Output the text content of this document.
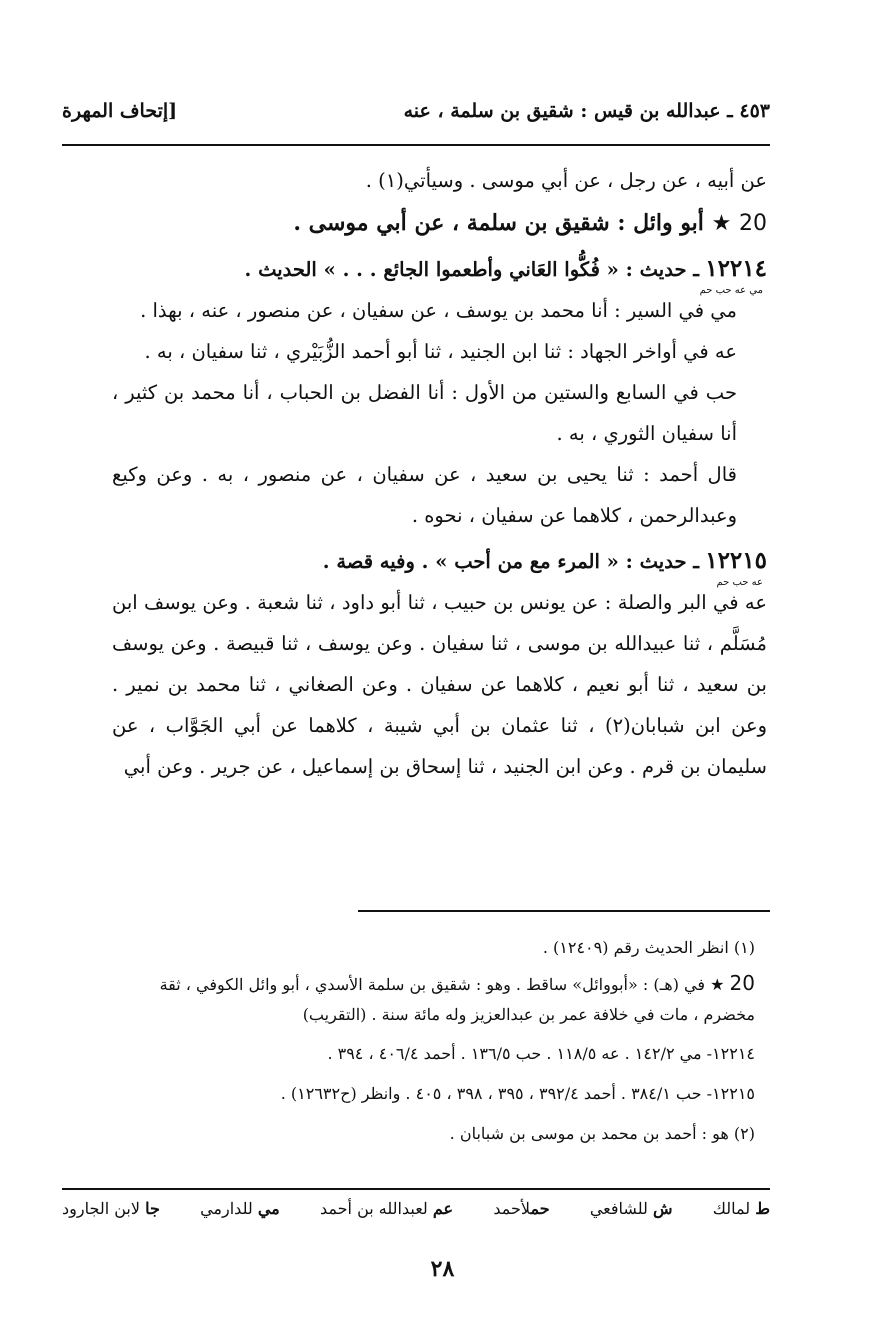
٤٥٣ ـ عبدالله بن قيس : شقيق بن سلمة ، عنه
[إتحاف المهرة

عن أبيه ، عن رجل ، عن أبي موسى . وسيأتي(١) .

20 ★ أبو وائل : شقيق بن سلمة ، عن أبي موسى .

١٢٢١٤ ـ حديث : « فُكُّوا العَاني وأطعموا الجائع . . . » الحديث .

مي عه حب حم

مي في السير : أنا محمد بن يوسف ، عن سفيان ، عن منصور ، عنه ، بهذا .

عه في أواخر الجهاد : ثنا ابن الجنيد ، ثنا أبو أحمد الزُّبَيْري ، ثنا سفيان ، به .

حب في السابع والستين من الأول : أنا الفضل بن الحباب ، أنا محمد بن كثير ، أنا سفيان الثوري ، به .

قال أحمد : ثنا يحيى بن سعيد ، عن سفيان ، عن منصور ، به . وعن وكيع وعبدالرحمن ، كلاهما عن سفيان ، نحوه .

١٢٢١٥ ـ حديث : « المرء مع من أحب » . وفيه قصة .

عه حب حم

عه في البر والصلة : عن يونس بن حبيب ، ثنا أبو داود ، ثنا شعبة . وعن يوسف ابن مُسَلَّم ، ثنا عبيدالله بن موسى ، ثنا سفيان . وعن يوسف ، ثنا قبيصة . وعن يوسف بن سعيد ، ثنا أبو نعيم ، كلاهما عن سفيان . وعن الصغاني ، ثنا محمد بن نمير . وعن ابن شبابان(٢) ، ثنا عثمان بن أبي شيبة ، كلاهما عن أبي الجَوَّاب ، عن سليمان بن قرم . وعن ابن الجنيد ، ثنا إسحاق بن إسماعيل ، عن جرير . وعن أبي

(١) انظر الحديث رقم (١٢٤٠٩) .

20 ★ في (هـ) : «أبووائل» ساقط . وهو : شقيق بن سلمة الأسدي ، أبو وائل الكوفي ، ثقة مخضرم ، مات في خلافة عمر بن عبدالعزيز وله مائة سنة . (التقريب)

١٢٢١٤- مي ١٤٢/٢ . عه ١١٨/٥ . حب ١٣٦/٥ . أحمد ٤٠٦/٤ ، ٣٩٤ .

١٢٢١٥- حب ٣٨٤/١ . أحمد ٣٩٢/٤ ، ٣٩٥ ، ٣٩٨ ، ٤٠٥ . وانظر (ح١٢٦٣٢) .

(٢) هو : أحمد بن محمد بن موسى بن شبابان .

ط لمالك
ش للشافعي
حملأحمد
عم لعبدالله بن أحمد
مي للدارمي
جا لابن الجارود
٢٨
